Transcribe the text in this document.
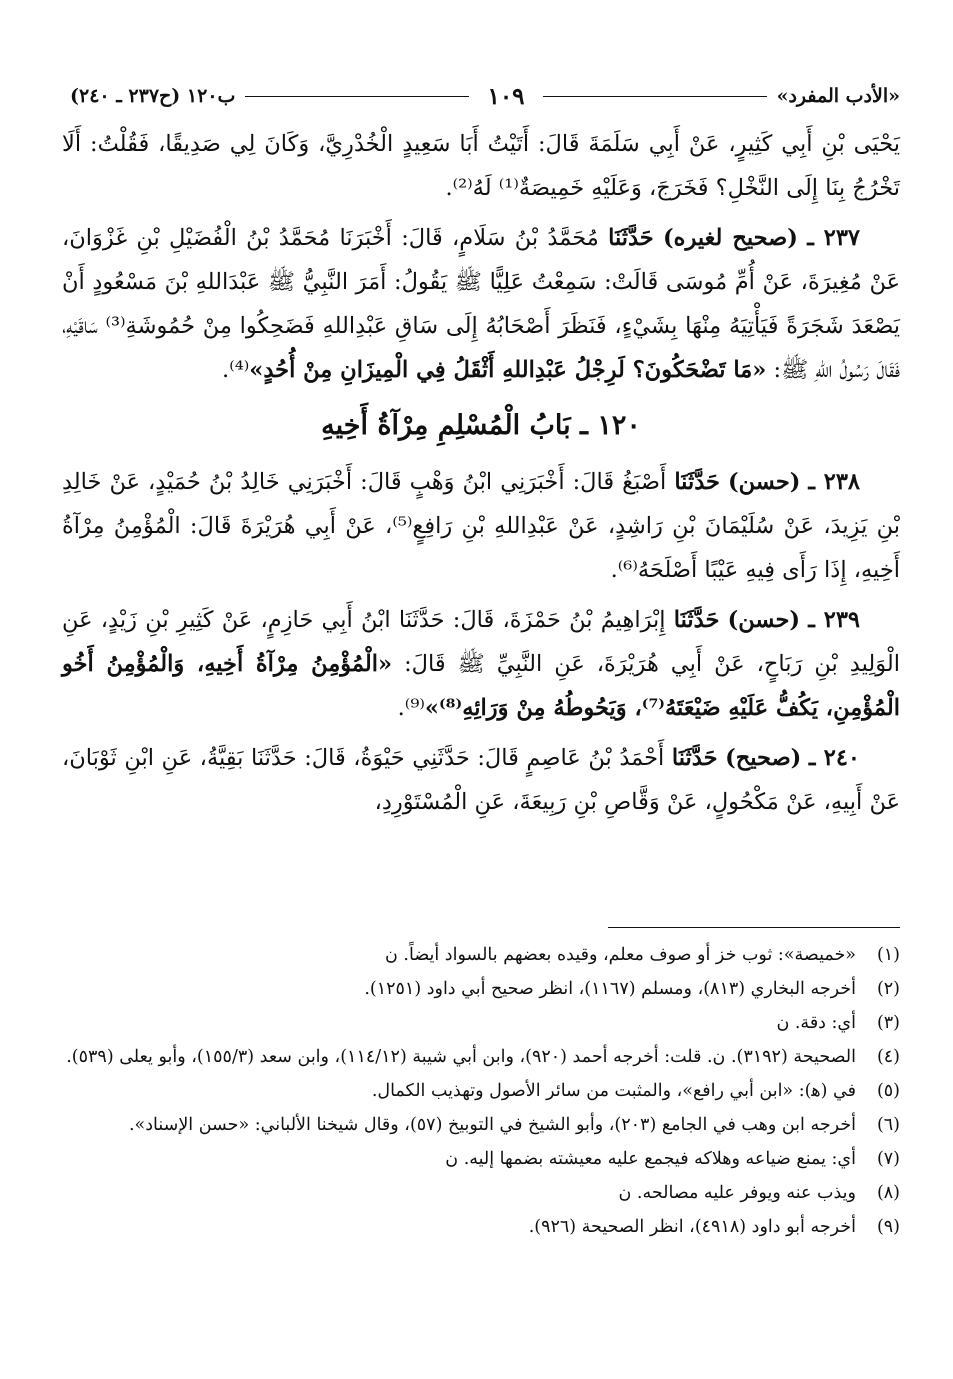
«الأدب المفرد»
١٠٩
ب١٢٠ (ح٢٣٧ ـ ٢٤٠)

يَحْيَى بْنِ أَبِي كَثِيرٍ، عَنْ أَبِي سَلَمَةَ قَالَ: أَتَيْتُ أَبَا سَعِيدٍ الْخُدْرِيَّ، وَكَانَ لِي صَدِيقًا، فَقُلْتُ: أَلَا تَخْرُجُ بِنَا إِلَى النَّخْلِ؟ فَخَرَجَ، وَعَلَيْهِ خَمِيصَةٌ⁽¹⁾ لَهُ⁽²⁾.

٢٣٧ ـ (صحيح لغيره) حَدَّثَنَا مُحَمَّدُ بْنُ سَلَامٍ، قَالَ: أَخْبَرَنَا مُحَمَّدُ بْنُ الْفُضَيْلِ بْنِ غَزْوَانَ، عَنْ مُغِيرَةَ، عَنْ أُمِّ مُوسَى قَالَتْ: سَمِعْتُ عَلِيًّا ﷺ يَقُولُ: أَمَرَ النَّبِيُّ ﷺ عَبْدَاللهِ بْنَ مَسْعُودٍ أَنْ يَصْعَدَ شَجَرَةً فَيَأْتِيَهُ مِنْهَا بِشَيْءٍ، فَنَظَرَ أَصْحَابُهُ إِلَى سَاقِ عَبْدِاللهِ فَضَحِكُوا مِنْ حُمُوشَةِ⁽³⁾ سَاقَيْهِ، فَقَالَ رَسُولُ اللهِ ﷺ: «مَا تَضْحَكُونَ؟ لَرِجْلُ عَبْدِاللهِ أَثْقَلُ فِي الْمِيزَانِ مِنْ أُحُدٍ»⁽⁴⁾.

١٢٠ ـ بَابُ الْمُسْلِمِ مِرْآةُ أَخِيهِ

٢٣٨ ـ (حسن) حَدَّثَنَا أَصْبَغُ قَالَ: أَخْبَرَنِي ابْنُ وَهْبٍ قَالَ: أَخْبَرَنِي خَالِدُ بْنُ حُمَيْدٍ، عَنْ خَالِدِ بْنِ يَزِيدَ، عَنْ سُلَيْمَانَ بْنِ رَاشِدٍ، عَنْ عَبْدِاللهِ بْنِ رَافِعٍ⁽⁵⁾، عَنْ أَبِي هُرَيْرَةَ قَالَ: الْمُؤْمِنُ مِرْآةُ أَخِيهِ، إِذَا رَأَى فِيهِ عَيْبًا أَصْلَحَهُ⁽⁶⁾.

٢٣٩ ـ (حسن) حَدَّثَنَا إِبْرَاهِيمُ بْنُ حَمْزَةَ، قَالَ: حَدَّثَنَا ابْنُ أَبِي حَازِمٍ، عَنْ كَثِيرِ بْنِ زَيْدٍ، عَنِ الْوَلِيدِ بْنِ رَبَاحٍ، عَنْ أَبِي هُرَيْرَةَ، عَنِ النَّبِيِّ ﷺ قَالَ: «الْمُؤْمِنُ مِرْآةُ أَخِيهِ، وَالْمُؤْمِنُ أَخُو الْمُؤْمِنِ، يَكُفُّ عَلَيْهِ ضَيْعَتَهُ⁽⁷⁾، وَيَحُوطُهُ مِنْ وَرَائِهِ⁽⁸⁾»⁽⁹⁾.

٢٤٠ ـ (صحيح) حَدَّثَنَا أَحْمَدُ بْنُ عَاصِمٍ قَالَ: حَدَّثَنِي حَيْوَةُ، قَالَ: حَدَّثَنَا بَقِيَّةُ، عَنِ ابْنِ ثَوْبَانَ، عَنْ أَبِيهِ، عَنْ مَكْحُولٍ، عَنْ وَقَّاصِ بْنِ رَبِيعَةَ، عَنِ الْمُسْتَوْرِدِ،

(١)
«خميصة»: ثوب خز أو صوف معلم، وقيده بعضهم بالسواد أيضاً. ن
(٢)
أخرجه البخاري (٨١٣)، ومسلم (١١٦٧)، انظر صحيح أبي داود (١٢٥١).
(٣)
أي: دقة. ن
(٤)
الصحيحة (٣١٩٢). ن. قلت: أخرجه أحمد (٩٢٠)، وابن أبي شيبة (١١٤/١٢)، وابن سعد (١٥٥/٣)، وأبو يعلى (٥٣٩).
(٥)
في (ﻫ): «ابن أبي رافع»، والمثبت من سائر الأصول وتهذيب الكمال.
(٦)
أخرجه ابن وهب في الجامع (٢٠٣)، وأبو الشيخ في التوبيخ (٥٧)، وقال شيخنا الألباني: «حسن الإسناد».
(٧)
أي: يمنع ضياعه وهلاكه فيجمع عليه معيشته بضمها إليه. ن
(٨)
ويذب عنه ويوفر عليه مصالحه. ن
(٩)
أخرجه أبو داود (٤٩١٨)، انظر الصحيحة (٩٢٦).
